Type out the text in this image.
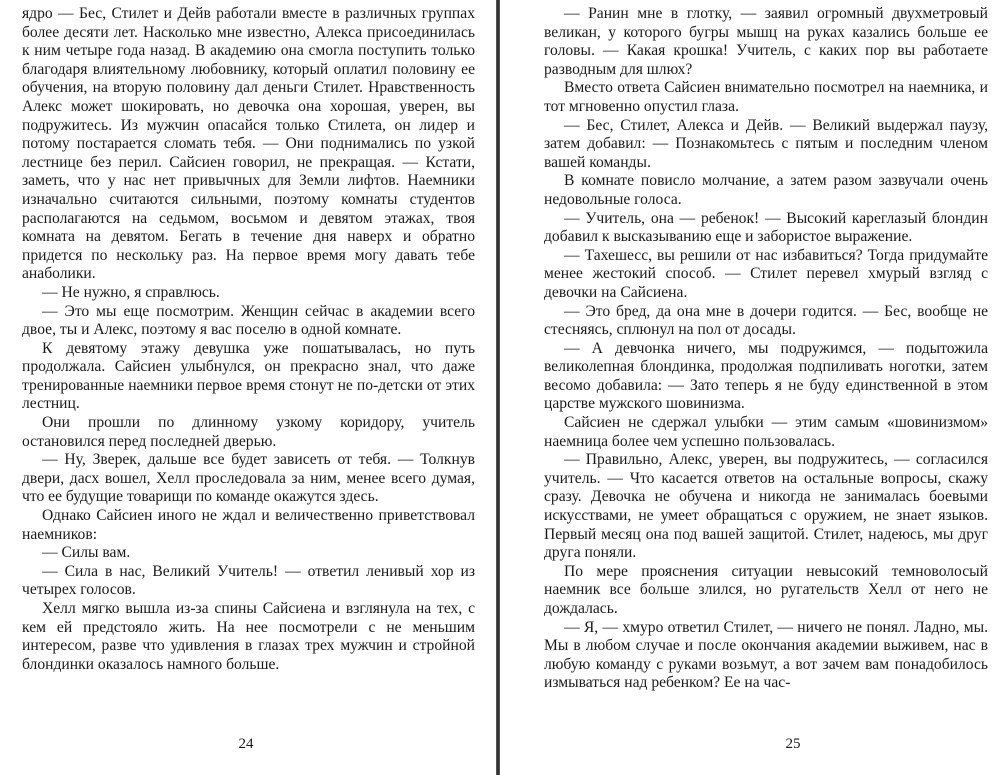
ядро — Бес, Стилет и Дейв работали вместе в различных группах более десяти лет. Насколько мне известно, Алекса присоединилась к ним четыре года назад. В академию она смогла поступить только благодаря влиятельному любовнику, который оплатил половину ее обучения, на вторую половину дал деньги Стилет. Нравственность Алекс может шокировать, но девочка она хорошая, уверен, вы подружитесь. Из мужчин опасайся только Стилета, он лидер и потому постарается сломать тебя. — Они поднимались по узкой лестнице без перил. Сайсиен говорил, не прекращая. — Кстати, заметь, что у нас нет привычных для Земли лифтов. Наемники изначально считаются сильными, поэтому комнаты студентов располагаются на седьмом, восьмом и девятом этажах, твоя комната на девятом. Бегать в течение дня наверх и обратно придется по нескольку раз. На первое время могу давать тебе анаболики.

— Не нужно, я справлюсь.

— Это мы еще посмотрим. Женщин сейчас в академии всего двое, ты и Алекс, поэтому я вас поселю в одной комнате.

К девятому этажу девушка уже пошатывалась, но путь продолжала. Сайсиен улыбнулся, он прекрасно знал, что даже тренированные наемники первое время стонут не по-детски от этих лестниц.

Они прошли по длинному узкому коридору, учитель остановился перед последней дверью.

— Ну, Зверек, дальше все будет зависеть от тебя. — Толкнув двери, дасх вошел, Хелл проследовала за ним, менее всего думая, что ее будущие товарищи по команде окажутся здесь.

Однако Сайсиен иного не ждал и величественно приветствовал наемников:

— Силы вам.

— Сила в нас, Великий Учитель! — ответил ленивый хор из четырех голосов.

Хелл мягко вышла из-за спины Сайсиена и взглянула на тех, с кем ей предстояло жить. На нее посмотрели с не меньшим интересом, разве что удивления в глазах трех мужчин и стройной блондинки оказалось намного больше.

24

— Ранин мне в глотку, — заявил огромный двухметровый великан, у которого бугры мышц на руках казались больше ее головы. — Какая крошка! Учитель, с каких пор вы работаете разводным для шлюх?

Вместо ответа Сайсиен внимательно посмотрел на наемника, и тот мгновенно опустил глаза.

— Бес, Стилет, Алекса и Дейв. — Великий выдержал паузу, затем добавил: — Познакомьтесь с пятым и последним членом вашей команды.

В комнате повисло молчание, а затем разом зазвучали очень недовольные голоса.

— Учитель, она — ребенок! — Высокий кареглазый блондин добавил к высказыванию еще и забористое выражение.

— Тахешесс, вы решили от нас избавиться? Тогда придумайте менее жестокий способ. — Стилет перевел хмурый взгляд с девочки на Сайсиена.

— Это бред, да она мне в дочери годится. — Бес, вообще не стесняясь, сплюнул на пол от досады.

— А девчонка ничего, мы подружимся, — подытожила великолепная блондинка, продолжая подпиливать ноготки, затем весомо добавила: — Зато теперь я не буду единственной в этом царстве мужского шовинизма.

Сайсиен не сдержал улыбки — этим самым «шовинизмом» наемница более чем успешно пользовалась.

— Правильно, Алекс, уверен, вы подружитесь, — согласился учитель. — Что касается ответов на остальные вопросы, скажу сразу. Девочка не обучена и никогда не занималась боевыми искусствами, не умеет обращаться с оружием, не знает языков. Первый месяц она под вашей защитой. Стилет, надеюсь, мы друг друга поняли.

По мере прояснения ситуации невысокий темноволосый наемник все больше злился, но ругательств Хелл от него не дождалась.

— Я, — хмуро ответил Стилет, — ничего не понял. Ладно, мы. Мы в любом случае и после окончания академии выживем, нас в любую команду с руками возьмут, а вот зачем вам понадобилось измываться над ребенком? Ее на час-

25
